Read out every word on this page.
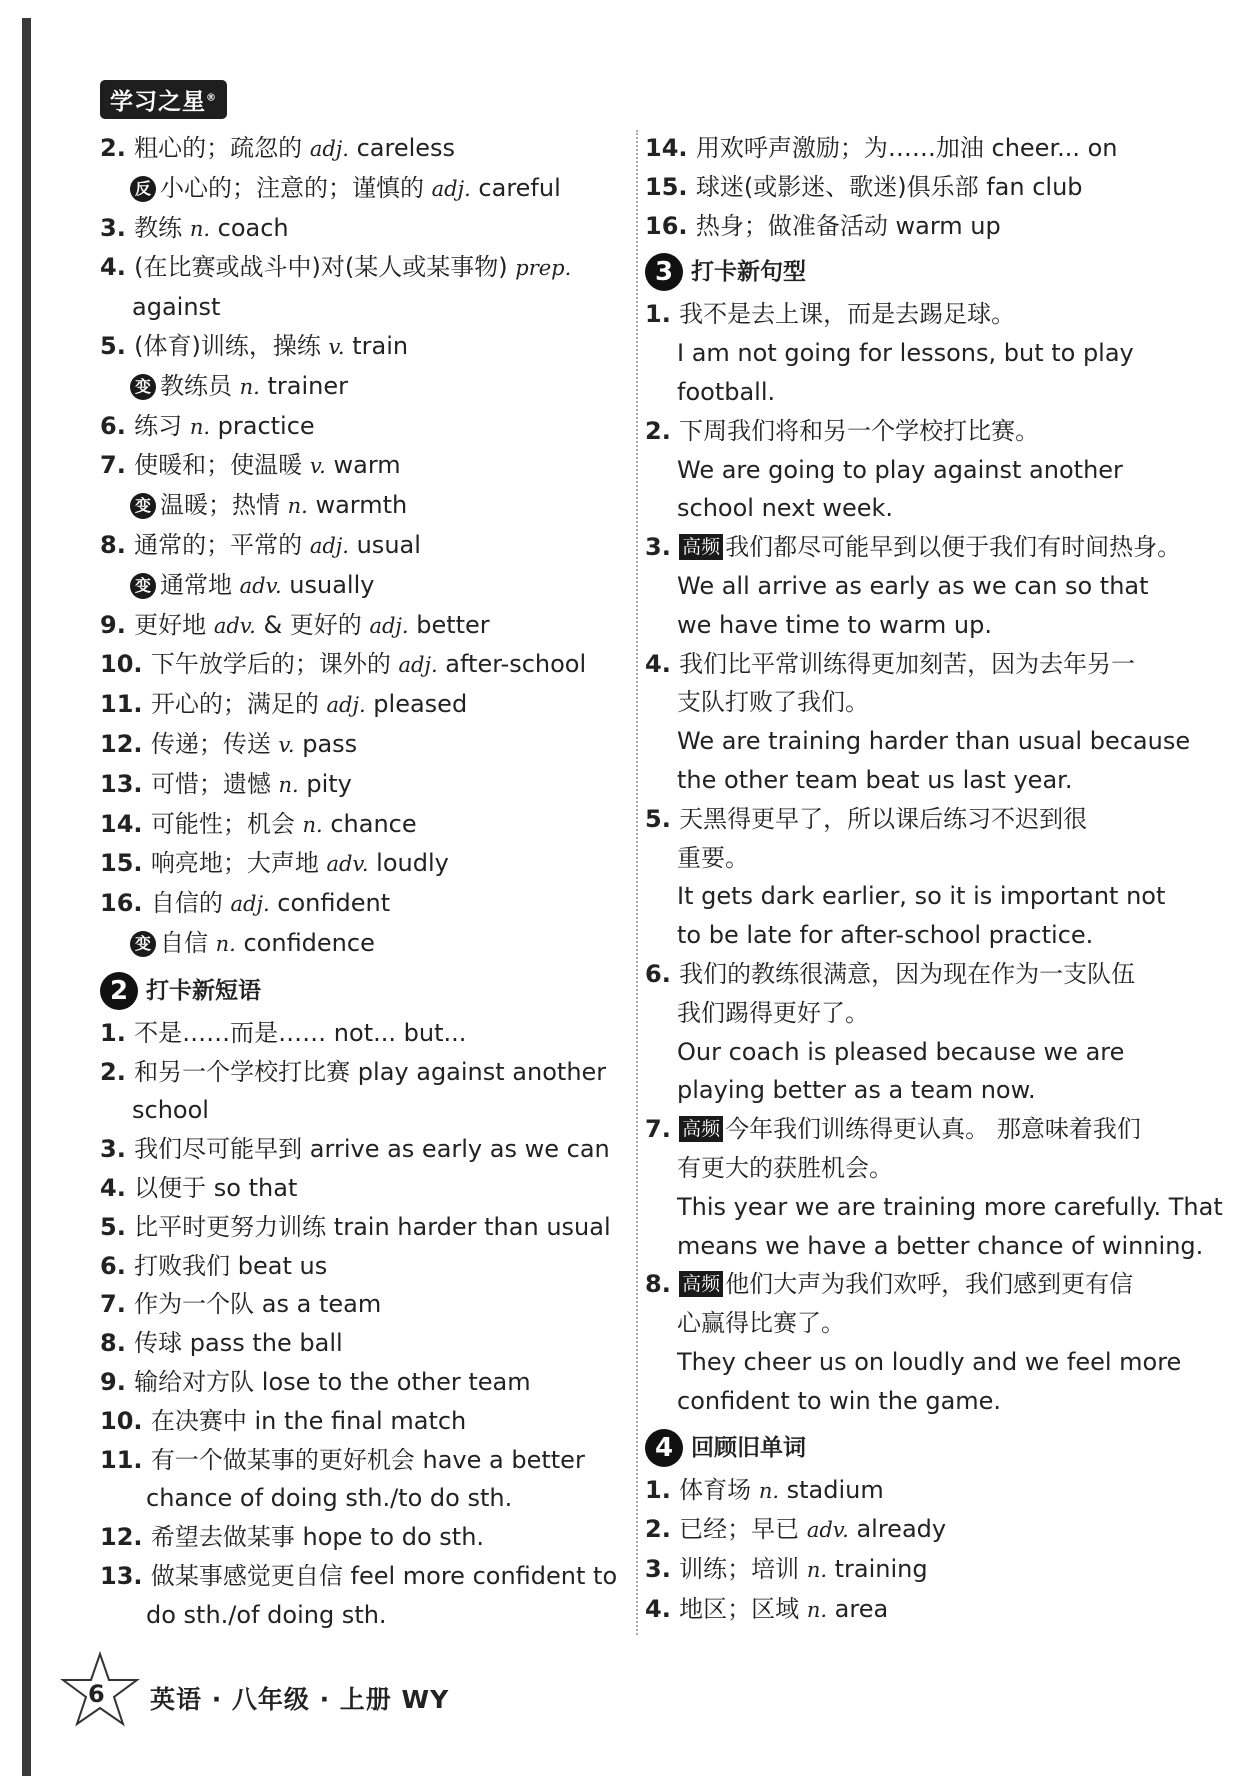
学习之星®
2. 粗心的；疏忽的 adj. careless
反 小心的；注意的；谨慎的 adj. careful
3. 教练 n. coach
4. (在比赛或战斗中)对(某人或某事物) prep.
against
5. (体育)训练，操练 v. train
变 教练员 n. trainer
6. 练习 n. practice
7. 使暖和；使温暖 v. warm
变 温暖；热情 n. warmth
8. 通常的；平常的 adj. usual
变 通常地 adv. usually
9. 更好地 adv. & 更好的 adj. better
10. 下午放学后的；课外的 adj. after-school
11. 开心的；满足的 adj. pleased
12. 传递；传送 v. pass
13. 可惜；遗憾 n. pity
14. 可能性；机会 n. chance
15. 响亮地；大声地 adv. loudly
16. 自信的 adj. confident
变 自信 n. confidence
2 打卡新短语
1. 不是……而是…… not... but...
2. 和另一个学校打比赛 play against another
school
3. 我们尽可能早到 arrive as early as we can
4. 以便于 so that
5. 比平时更努力训练 train harder than usual
6. 打败我们 beat us
7. 作为一个队 as a team
8. 传球 pass the ball
9. 输给对方队 lose to the other team
10. 在决赛中 in the final match
11. 有一个做某事的更好机会 have a better
chance of doing sth./to do sth.
12. 希望去做某事 hope to do sth.
13. 做某事感觉更自信 feel more confident to
do sth./of doing sth.
14. 用欢呼声激励；为……加油 cheer... on
15. 球迷(或影迷、歌迷)俱乐部 fan club
16. 热身；做准备活动 warm up
3 打卡新句型
1. 我不是去上课，而是去踢足球。
I am not going for lessons, but to play
football.
2. 下周我们将和另一个学校打比赛。
We are going to play against another
school next week.
3. 高频 我们都尽可能早到以便于我们有时间热身。
We all arrive as early as we can so that
we have time to warm up.
4. 我们比平常训练得更加刻苦，因为去年另一
支队打败了我们。
We are training harder than usual because
the other team beat us last year.
5. 天黑得更早了，所以课后练习不迟到很
重要。
It gets dark earlier, so it is important not
to be late for after-school practice.
6. 我们的教练很满意，因为现在作为一支队伍
我们踢得更好了。
Our coach is pleased because we are
playing better as a team now.
7. 高频 今年我们训练得更认真。 那意味着我们
有更大的获胜机会。
This year we are training more carefully. That
means we have a better chance of winning.
8. 高频 他们大声为我们欢呼，我们感到更有信
心赢得比赛了。
They cheer us on loudly and we feel more
confident to win the game.
4 回顾旧单词
1. 体育场 n. stadium
2. 已经；早已 adv. already
3. 训练；培训 n. training
4. 地区；区域 n. area
6 英语 · 八年级 · 上册 WY
